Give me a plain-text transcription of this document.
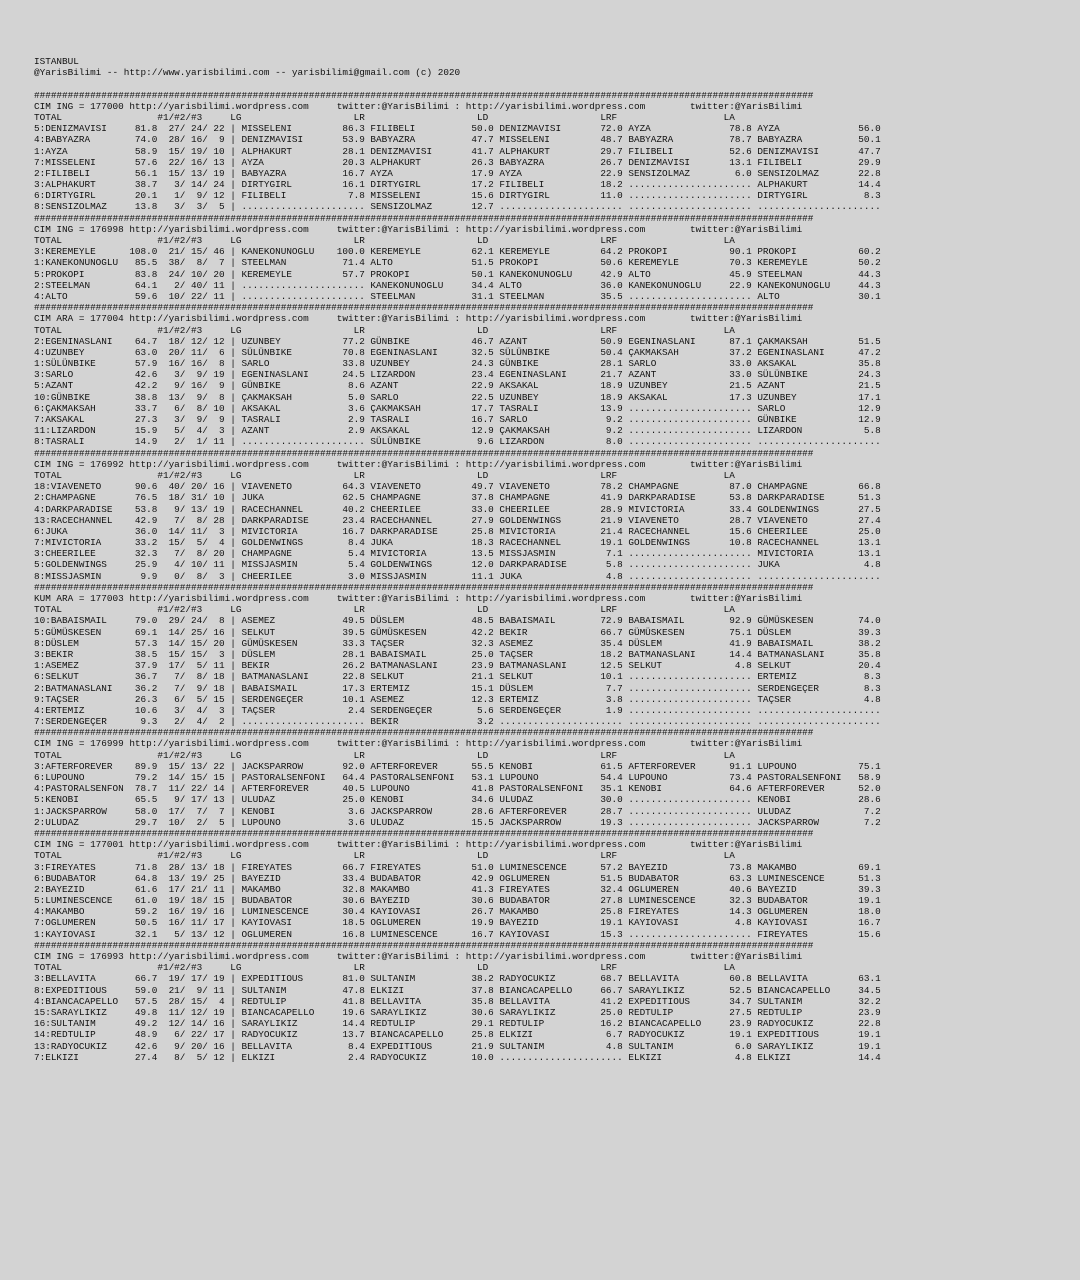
ISTANBUL
@YarisBilimi -- http://www.yarisbilimi.com -- yarisbilimi@gmail.com (c) 2020
###########################################################################################################################################
CIM ING = 177000 http://yarisbilimi.wordpress.com     twitter:@YarisBilimi : http://yarisbilimi.wordpress.com        twitter:@YarisBilimi
TOTAL                 #1/#2/#3     LG                    LR                    LD                    LRF                   LA
5:DENIZMAVISI     81.8  27/ 24/ 22 | MISSELENI         86.3 FILIBELI          50.0 DENIZMAVISI       72.0 AYZA              78.8 AYZA              56.0
4:BABYAZRA        74.0  28/ 16/  9 | DENIZMAVISI       53.9 BABYAZRA          47.7 MISSELENI         48.7 BABYAZRA          78.7 BABYAZRA          50.1
1:AYZA            58.9  15/ 19/ 10 | ALPHAKURT         28.1 DENIZMAVISI       41.7 ALPHAKURT         29.7 FILIBELI          52.6 DENIZMAVISI       47.7
7:MISSELENI       57.6  22/ 16/ 13 | AYZA              20.3 ALPHAKURT         26.3 BABYAZRA          26.7 DENIZMAVISI       13.1 FILIBELI          29.9
2:FILIBELI        56.1  15/ 13/ 19 | BABYAZRA          16.7 AYZA              17.9 AYZA              22.9 SENSIZOLMAZ        6.0 SENSIZOLMAZ       22.8
3:ALPHAKURT       38.7   3/ 14/ 24 | DIRTYGIRL         16.1 DIRTYGIRL         17.2 FILIBELI          18.2 ...................... ALPHAKURT         14.4
6:DIRTYGIRL       20.1   1/  9/ 12 | FILIBELI           7.8 MISSELENI         15.6 DIRTYGIRL         11.0 ...................... DIRTYGIRL          8.3
8:SENSIZOLMAZ     13.8   3/  3/  5 | ...................... SENSIZOLMAZ       12.7 ...................... ...................... ......................
###########################################################################################################################################
CIM ING = 176998 http://yarisbilimi.wordpress.com     twitter:@YarisBilimi : http://yarisbilimi.wordpress.com        twitter:@YarisBilimi
TOTAL                 #1/#2/#3     LG                    LR                    LD                    LRF                   LA
3:KEREMEYLE      108.0  21/ 15/ 46 | KANEKONUNOGLU    100.0 KEREMEYLE         62.1 KEREMEYLE         64.2 PROKOPI           90.1 PROKOPI           60.2
1:KANEKONUNOGLU   85.5  38/  8/  7 | STEELMAN          71.4 ALTO              51.5 PROKOPI           50.6 KEREMEYLE         70.3 KEREMEYLE         50.2
5:PROKOPI         83.8  24/ 10/ 20 | KEREMEYLE         57.7 PROKOPI           50.1 KANEKONUNOGLU     42.9 ALTO              45.9 STEELMAN          44.3
2:STEELMAN        64.1   2/ 40/ 11 | ...................... KANEKONUNOGLU     34.4 ALTO              36.0 KANEKONUNOGLU     22.9 KANEKONUNOGLU     44.3
4:ALTO            59.6  10/ 22/ 11 | ...................... STEELMAN          31.1 STEELMAN          35.5 ...................... ALTO              30.1
###########################################################################################################################################
CIM ARA = 177004 http://yarisbilimi.wordpress.com     twitter:@YarisBilimi : http://yarisbilimi.wordpress.com        twitter:@YarisBilimi
TOTAL                 #1/#2/#3     LG                    LR                    LD                    LRF                   LA
2:EGENINASLANI    64.7  18/ 12/ 12 | UZUNBEY           77.2 GÜNBIKE           46.7 AZANT             50.9 EGENINASLANI      87.1 ÇAKMAKSAH         51.5
4:UZUNBEY         63.0  20/ 11/  6 | SÜLÜNBIKE         70.8 EGENINASLANI      32.5 SÜLÜNBIKE         50.4 ÇAKMAKSAH         37.2 EGENINASLANI      47.2
1:SÜLÜNBIKE       57.9  16/ 16/  8 | SARLO             33.8 UZUNBEY           24.3 GÜNBIKE           28.1 SARLO             33.0 AKSAKAL           35.8
3:SARLO           42.6   3/  9/ 19 | EGENINASLANI      24.5 LIZARDON          23.4 EGENINASLANI      21.7 AZANT             33.0 SÜLÜNBIKE         24.3
5:AZANT           42.2   9/ 16/  9 | GÜNBIKE            8.6 AZANT             22.9 AKSAKAL           18.9 UZUNBEY           21.5 AZANT             21.5
10:GÜNBIKE        38.8  13/  9/  8 | ÇAKMAKSAH          5.0 SARLO             22.5 UZUNBEY           18.9 AKSAKAL           17.3 UZUNBEY           17.1
6:ÇAKMAKSAH       33.7   6/  8/ 10 | AKSAKAL            3.6 ÇAKMAKSAH         17.7 TASRALI           13.9 ...................... SARLO             12.9
7:AKSAKAL         27.3   3/  9/  9 | TASRALI            2.9 TASRALI           16.7 SARLO              9.2 ...................... GÜNBIKE           12.9
11:LIZARDON       15.9   5/  4/  3 | AZANT              2.9 AKSAKAL           12.9 ÇAKMAKSAH          9.2 ...................... LIZARDON           5.8
8:TASRALI         14.9   2/  1/ 11 | ...................... SÜLÜNBIKE          9.6 LIZARDON           8.0 ...................... ......................
###########################################################################################################################################
CIM ING = 176992 http://yarisbilimi.wordpress.com     twitter:@YarisBilimi : http://yarisbilimi.wordpress.com        twitter:@YarisBilimi
TOTAL                 #1/#2/#3     LG                    LR                    LD                    LRF                   LA
18:VIAVENETO      90.6  40/ 20/ 16 | VIAVENETO         64.3 VIAVENETO         49.7 VIAVENETO         78.2 CHAMPAGNE         87.0 CHAMPAGNE         66.8
2:CHAMPAGNE       76.5  18/ 31/ 10 | JUKA              62.5 CHAMPAGNE         37.8 CHAMPAGNE         41.9 DARKPARADISE      53.8 DARKPARADISE      51.3
4:DARKPARADISE    53.8   9/ 13/ 19 | RACECHANNEL       40.2 CHEERILEE         33.0 CHEERILEE         28.9 MIVICTORIA        33.4 GOLDENWINGS       27.5
13:RACECHANNEL    42.9   7/  8/ 28 | DARKPARADISE      23.4 RACECHANNEL       27.9 GOLDENWINGS       21.9 VIAVENETO         28.7 VIAVENETO         27.4
6:JUKA            36.0  14/ 11/  3 | MIVICTORIA        16.7 DARKPARADISE      25.8 MIVICTORIA        21.4 RACECHANNEL       15.6 CHEERILEE         25.0
7:MIVICTORIA      33.2  15/  5/  4 | GOLDENWINGS        8.4 JUKA              18.3 RACECHANNEL       19.1 GOLDENWINGS       10.8 RACECHANNEL       13.1
3:CHEERILEE       32.3   7/  8/ 20 | CHAMPAGNE          5.4 MIVICTORIA        13.5 MISSJASMIN         7.1 ...................... MIVICTORIA        13.1
5:GOLDENWINGS     25.9   4/ 10/ 11 | MISSJASMIN         5.4 GOLDENWINGS       12.0 DARKPARADISE       5.8 ...................... JUKA               4.8
8:MISSJASMIN       9.9   0/  8/  3 | CHEERILEE          3.0 MISSJASMIN        11.1 JUKA               4.8 ...................... ......................
###########################################################################################################################################
KUM ARA = 177003 http://yarisbilimi.wordpress.com     twitter:@YarisBilimi : http://yarisbilimi.wordpress.com        twitter:@YarisBilimi
TOTAL                 #1/#2/#3     LG                    LR                    LD                    LRF                   LA
10:BABAISMAIL     79.0  29/ 24/  8 | ASEMEZ            49.5 DÜSLEM            48.5 BABAISMAIL        72.9 BABAISMAIL        92.9 GÜMÜSKESEN        74.0
5:GÜMÜSKESEN      69.1  14/ 25/ 16 | SELKUT            39.5 GÜMÜSKESEN        42.2 BEKIR             66.7 GÜMÜSKESEN        75.1 DÜSLEM            39.3
8:DÜSLEM          57.3  14/ 15/ 20 | GÜMÜSKESEN        33.3 TAÇSER            32.3 ASEMEZ            35.4 DÜSLEM            41.9 BABAISMAIL        38.2
3:BEKIR           38.5  15/ 15/  3 | DÜSLEM            28.1 BABAISMAIL        25.0 TAÇSER            18.2 BATMANASLANI      14.4 BATMANASLANI      35.8
1:ASEMEZ          37.9  17/  5/ 11 | BEKIR             26.2 BATMANASLANI      23.9 BATMANASLANI      12.5 SELKUT             4.8 SELKUT            20.4
6:SELKUT          36.7   7/  8/ 18 | BATMANASLANI      22.8 SELKUT            21.1 SELKUT            10.1 ...................... ERTEMIZ            8.3
2:BATMANASLANI    36.2   7/  9/ 18 | BABAISMAIL        17.3 ERTEMIZ           15.1 DÜSLEM             7.7 ...................... SERDENGEÇER        8.3
9:TAÇSER          26.3   6/  5/ 15 | SERDENGEÇER       10.1 ASEMEZ            12.3 ERTEMIZ            3.8 ...................... TAÇSER             4.8
4:ERTEMIZ         10.6   3/  4/  3 | TAÇSER             2.4 SERDENGEÇER        5.6 SERDENGEÇER        1.9 ...................... ......................
7:SERDENGEÇER      9.3   2/  4/  2 | ...................... BEKIR              3.2 ...................... ...................... ......................
###########################################################################################################################################
CIM ING = 176999 http://yarisbilimi.wordpress.com     twitter:@YarisBilimi : http://yarisbilimi.wordpress.com        twitter:@YarisBilimi
TOTAL                 #1/#2/#3     LG                    LR                    LD                    LRF                   LA
3:AFTERFOREVER    89.9  15/ 13/ 22 | JACKSPARROW       92.0 AFTERFOREVER      55.5 KENOBI            61.5 AFTERFOREVER      91.1 LUPOUNO           75.1
6:LUPOUNO         79.2  14/ 15/ 15 | PASTORALSENFONI   64.4 PASTORALSENFONI   53.1 LUPOUNO           54.4 LUPOUNO           73.4 PASTORALSENFONI   58.9
4:PASTORALSENFON  78.7  11/ 22/ 14 | AFTERFOREVER      40.5 LUPOUNO           41.8 PASTORALSENFONI   35.1 KENOBI            64.6 AFTERFOREVER      52.0
5:KENOBI          65.5   9/ 17/ 13 | ULUDAZ            25.0 KENOBI            34.6 ULUDAZ            30.0 ...................... KENOBI            28.6
1:JACKSPARROW     58.0  17/  7/  7 | KENOBI             3.6 JACKSPARROW       28.6 AFTERFOREVER      28.7 ...................... ULUDAZ             7.2
2:ULUDAZ          29.7  10/  2/  5 | LUPOUNO            3.6 ULUDAZ            15.5 JACKSPARROW       19.3 ...................... JACKSPARROW        7.2
###########################################################################################################################################
CIM ING = 177001 http://yarisbilimi.wordpress.com     twitter:@YarisBilimi : http://yarisbilimi.wordpress.com        twitter:@YarisBilimi
TOTAL                 #1/#2/#3     LG                    LR                    LD                    LRF                   LA
3:FIREYATES       71.8  28/ 13/ 18 | FIREYATES         66.7 FIREYATES         51.0 LUMINESCENCE      57.2 BAYEZID           73.8 MAKAMBO           69.1
6:BUDABATOR       64.8  13/ 19/ 25 | BAYEZID           33.4 BUDABATOR         42.9 OGLUMEREN         51.5 BUDABATOR         63.3 LUMINESCENCE      51.3
2:BAYEZID         61.6  17/ 21/ 11 | MAKAMBO           32.8 MAKAMBO           41.3 FIREYATES         32.4 OGLUMEREN         40.6 BAYEZID           39.3
5:LUMINESCENCE    61.0  19/ 18/ 15 | BUDABATOR         30.6 BAYEZID           30.6 BUDABATOR         27.8 LUMINESCENCE      32.3 BUDABATOR         19.1
4:MAKAMBO         59.2  16/ 19/ 16 | LUMINESCENCE      30.4 KAYIOVASI         26.7 MAKAMBO           25.8 FIREYATES         14.3 OGLUMEREN         18.0
7:OGLUMEREN       50.5  16/ 11/ 17 | KAYIOVASI         18.5 OGLUMEREN         19.9 BAYEZID           19.1 KAYIOVASI          4.8 KAYIOVASI         16.7
1:KAYIOVASI       32.1   5/ 13/ 12 | OGLUMEREN         16.8 LUMINESCENCE      16.7 KAYIOVASI         15.3 ...................... FIREYATES         15.6
###########################################################################################################################################
CIM ING = 176993 http://yarisbilimi.wordpress.com     twitter:@YarisBilimi : http://yarisbilimi.wordpress.com        twitter:@YarisBilimi
TOTAL                 #1/#2/#3     LG                    LR                    LD                    LRF                   LA
3:BELLAVITA       66.7  19/ 17/ 19 | EXPEDITIOUS       81.0 SULTANIM          38.2 RADYOCUKIZ        68.7 BELLAVITA         60.8 BELLAVITA         63.1
8:EXPEDITIOUS     59.0  21/  9/ 11 | SULTANIM          47.8 ELKIZI            37.8 BIANCACAPELLO     66.7 SARAYLIKIZ        52.5 BIANCACAPELLO     34.5
4:BIANCACAPELLO   57.5  28/ 15/  4 | REDTULIP          41.8 BELLAVITA         35.8 BELLAVITA         41.2 EXPEDITIOUS       34.7 SULTANIM          32.2
15:SARAYLIKIZ     49.8  11/ 12/ 19 | BIANCACAPELLO     19.6 SARAYLIKIZ        30.6 SARAYLIKIZ        25.0 REDTULIP          27.5 REDTULIP          23.9
16:SULTANIM       49.2  12/ 14/ 16 | SARAYLIKIZ        14.4 REDTULIP          29.1 REDTULIP          16.2 BIANCACAPELLO     23.9 RADYOCUKIZ        22.8
14:REDTULIP       48.9   6/ 22/ 17 | RADYOCUKIZ        13.7 BIANCACAPELLO     25.8 ELKIZI             6.7 RADYOCUKIZ        19.1 EXPEDITIOUS       19.1
13:RADYOCUKIZ     42.6   9/ 20/ 16 | BELLAVITA          8.4 EXPEDITIOUS       21.9 SULTANIM           4.8 SULTANIM           6.0 SARAYLIKIZ        19.1
7:ELKIZI          27.4   8/  5/ 12 | ELKIZI             2.4 RADYOCUKIZ        10.0 ...................... ELKIZI             4.8 ELKIZI            14.4
